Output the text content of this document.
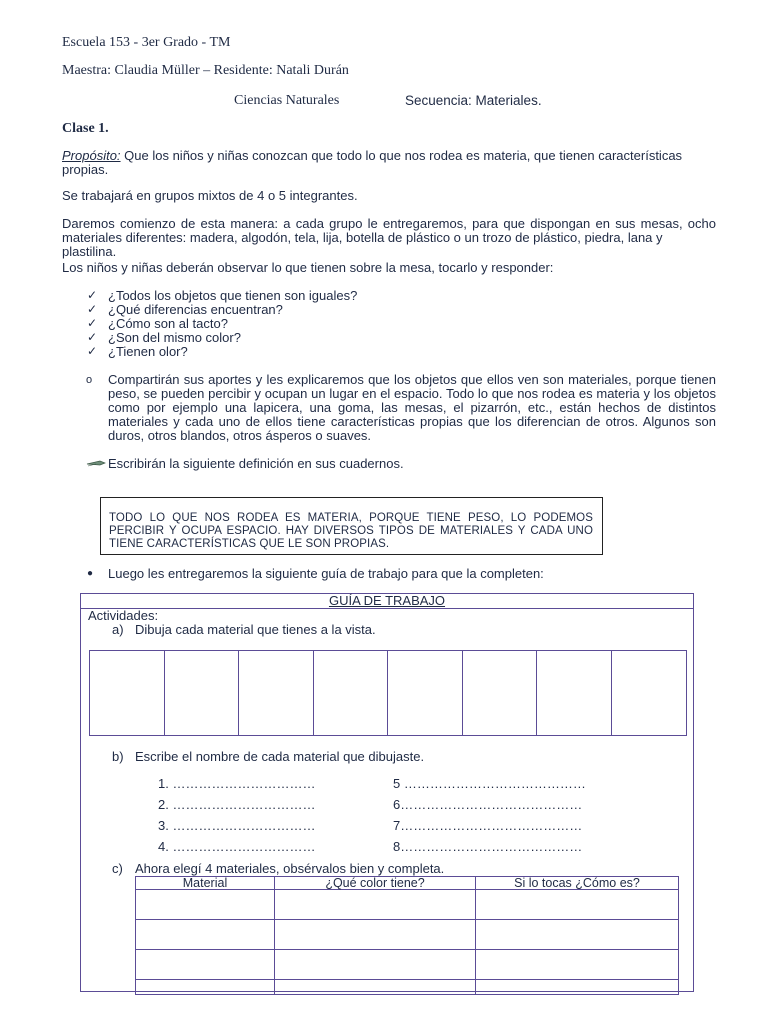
Escuela 153 - 3er Grado - TM
Maestra: Claudia Müller – Residente: Natali Durán
Ciencias Naturales	Secuencia: Materiales.
Clase 1.
Propósito: Que los niños y niñas conozcan que todo lo que nos rodea es materia, que tienen características
propias.
Se trabajará en grupos mixtos de 4 o 5 integrantes.
Daremos comienzo de esta manera: a cada grupo le entregaremos, para que dispongan en sus mesas, ocho
materiales diferentes: madera, algodón, tela, lija, botella de plástico o un trozo de plástico, piedra, lana y plastilina.
Los niños y niñas deberán observar lo que tienen sobre la mesa, tocarlo y responder:
✓ ¿Todos los objetos que tienen son iguales?
✓ ¿Qué diferencias encuentran?
✓ ¿Cómo son al tacto?
✓ ¿Son del mismo color?
✓ ¿Tienen olor?
o Compartirán sus aportes y les explicaremos que los objetos que ellos ven son materiales, porque tienen
peso, se pueden percibir y ocupan un lugar en el espacio. Todo lo que nos rodea es materia y los objetos
como por ejemplo una lapicera, una goma, las mesas, el pizarrón, etc., están hechos de distintos
materiales y cada uno de ellos tiene características propias que los diferencian de otros. Algunos son
duros, otros blandos, otros ásperos o suaves.
Escribirán la siguiente definición en sus cuadernos.
TODO LO QUE NOS RODEA ES MATERIA, PORQUE TIENE PESO, LO PODEMOS
PERCIBIR Y OCUPA ESPACIO. HAY DIVERSOS TIPOS DE MATERIALES Y CADA UNO
TIENE CARACTERÍSTICAS QUE LE SON PROPIAS.
● Luego les entregaremos la siguiente guía de trabajo para que la completen:
GUÍA DE TRABAJO
Actividades:
a) Dibuja cada material que tienes a la vista.
b) Escribe el nombre de cada material que dibujaste.
1. ……………………………
2. ……………………………
3. ……………………………
4. ……………………………
5 ……………………………………
6……………………………………
7……………………………………
8……………………………………
c) Ahora elegí 4 materiales, obsérvalos bien y completa.
Material	¿Qué color tiene?	Si lo tocas ¿Cómo es?
